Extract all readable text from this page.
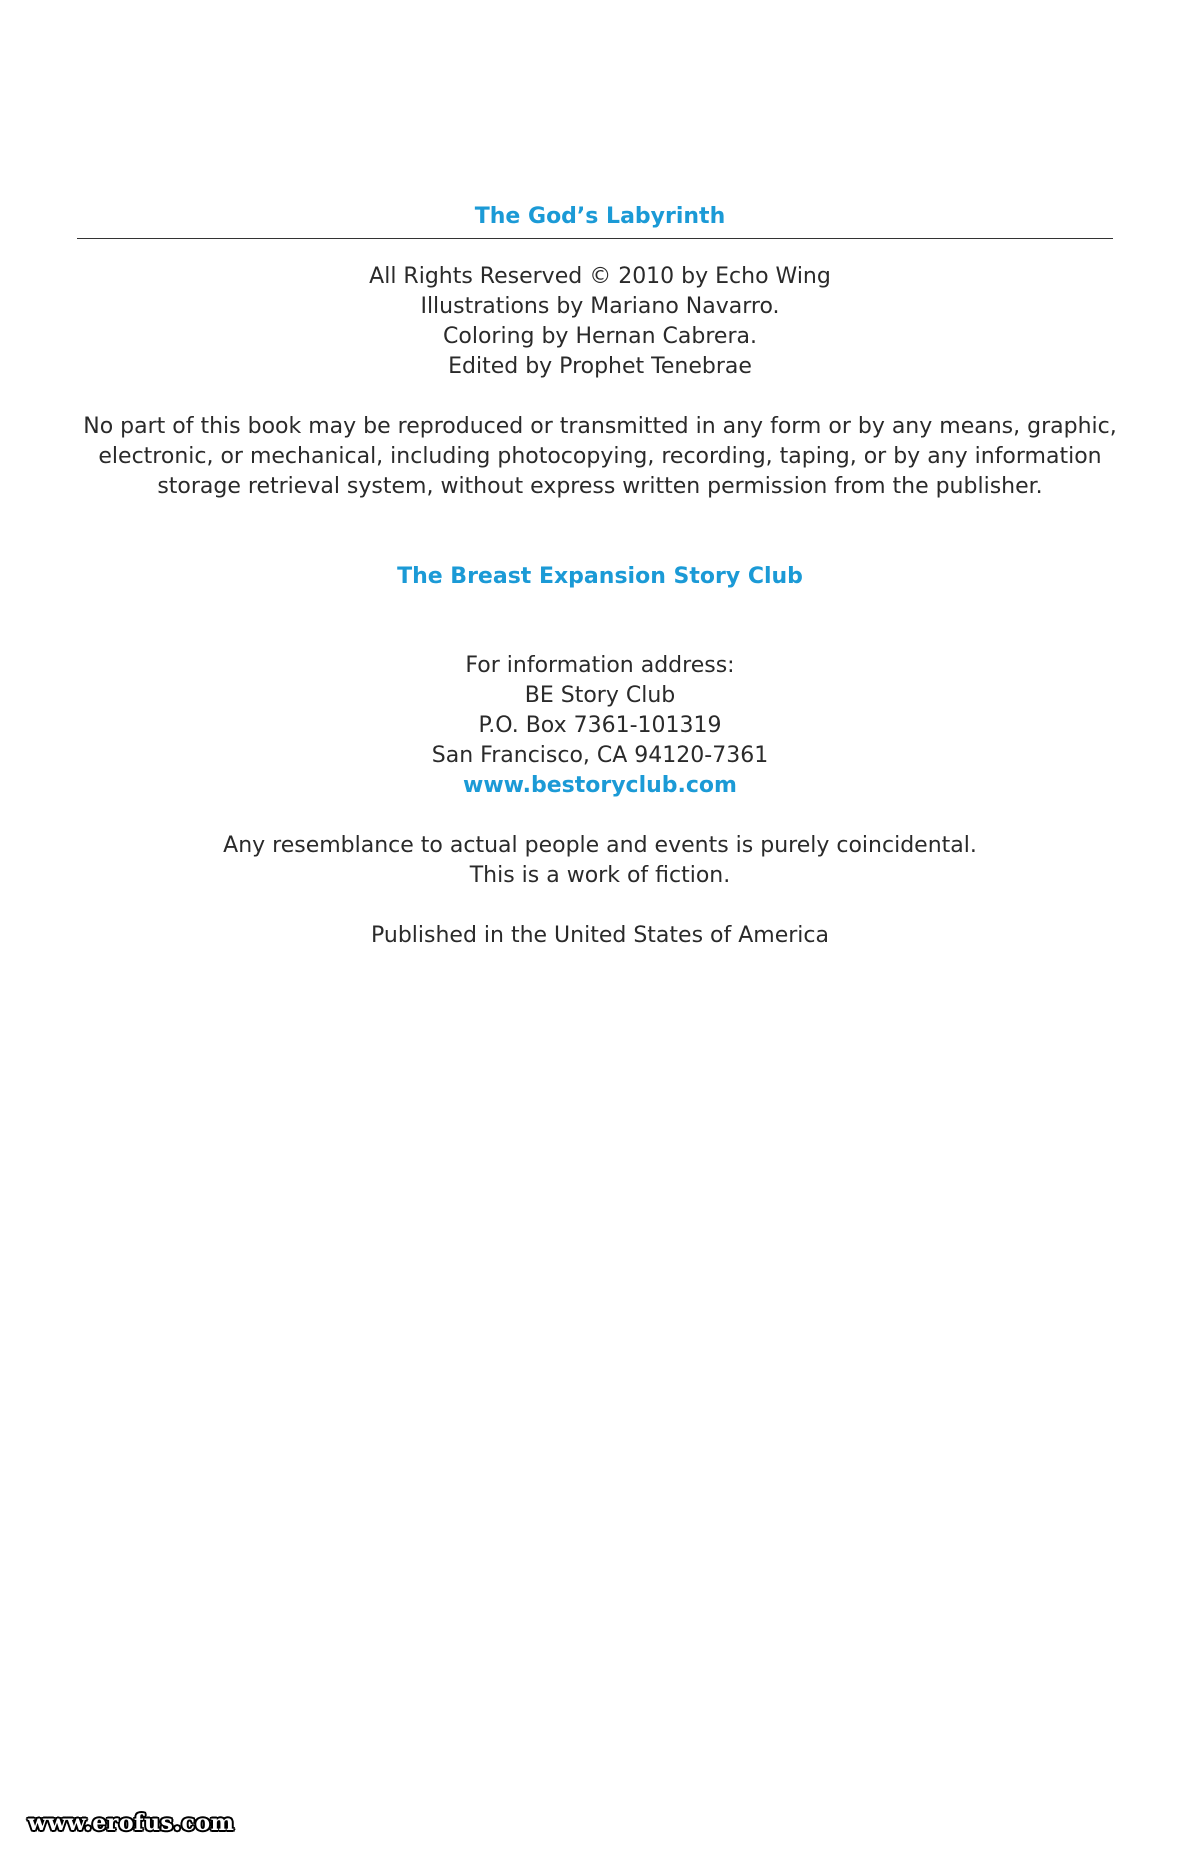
The God’s Labyrinth
All Rights Reserved © 2010 by Echo Wing
Illustrations by Mariano Navarro.
Coloring by Hernan Cabrera.
Edited by Prophet Tenebrae
No part of this book may be reproduced or transmitted in any form or by any means, graphic,
electronic, or mechanical, including photocopying, recording, taping, or by any information
storage retrieval system, without express written permission from the publisher.
The Breast Expansion Story Club
For information address:
BE Story Club
P.O. Box 7361-101319
San Francisco, CA 94120-7361
www.bestoryclub.com
Any resemblance to actual people and events is purely coincidental.
This is a work of fiction.
Published in the United States of America
www.erofus.com
